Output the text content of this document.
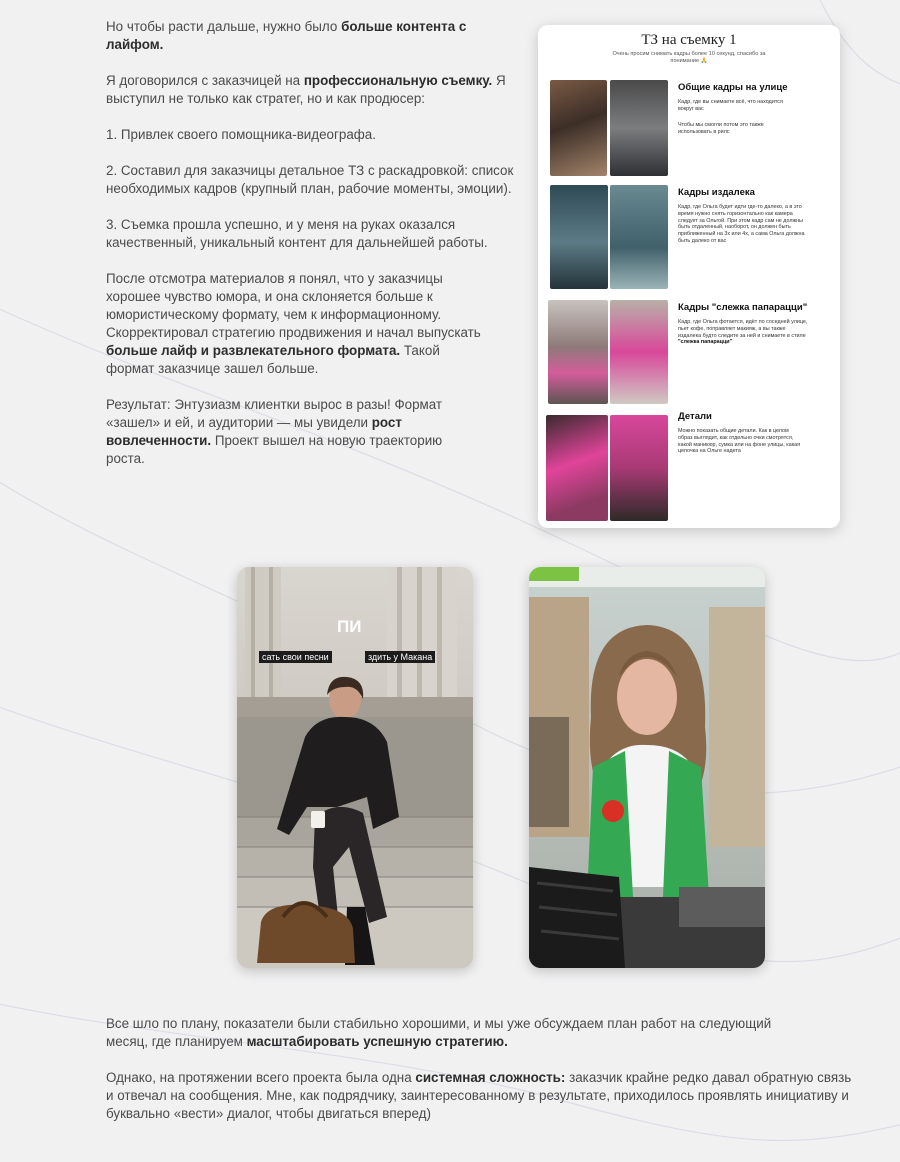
Но чтобы расти дальше, нужно было больше контента с лайфом.

Я договорился с заказчицей на профессиональную съемку. Я выступил не только как стратег, но и как продюсер:

1. Привлек своего помощника-видеографа.

2. Составил для заказчицы детальное ТЗ с раскадровкой: список необходимых кадров (крупный план, рабочие моменты, эмоции).

3. Съемка прошла успешно, и у меня на руках оказался качественный, уникальный контент для дальнейшей работы.

После отсмотра материалов я понял, что у заказчицы хорошее чувство юмора, и она склоняется больше к юмористическому формату, чем к информационному. Скорректировал стратегию продвижения и начал выпускать больше лайф и развлекательного формата. Такой формат заказчице зашел больше.

Результат: Энтузиазм клиентки вырос в разы! Формат «зашел» и ей, и аудитории — мы увидели рост вовлеченности. Проект вышел на новую траекторию роста.

ТЗ на съемку 1
Очень просим снимать кадры более 10 секунд, спасибо за понимание 🙏
Общие кадры на улице
Кадр, где вы снимаете всё, что находится вокруг вас
Чтобы мы смогли потом это также использовать в рилс
Кадры издалека
Кадр, где Ольга будет идти где-то далеко, а в это время нужно снять горизонтально как камера следует за Ольгой. При этом кадр сам не должны быть отдаленный, наоборот, он должен быть приближенный на 3x или 4x, а сама Ольга должна быть далеко от вас
Кадры "слежка папарацци"
Кадр, где Ольга фотается, идёт по соседней улице, пьет кофе, поправляет макияж, а вы также издалека будто следите за ней и снимаете в стиле "слежка папарацци"
Детали
Можно показать общие детали. Как в целом образ выглядит, как отдельно очки смотрятся, какой маникюр, сумка или на фоне улицы, какая цепочка на Ольге надета
ПИ
сать свои песни	здить у Макана

Все шло по плану, показатели были стабильно хорошими, и мы уже обсуждаем план работ на следующий месяц, где планируем масштабировать успешную стратегию.

Однако, на протяжении всего проекта была одна системная сложность: заказчик крайне редко давал обратную связь и отвечал на сообщения. Мне, как подрядчику, заинтересованному в результате, приходилось проявлять инициативу и буквально «вести» диалог, чтобы двигаться вперед)
